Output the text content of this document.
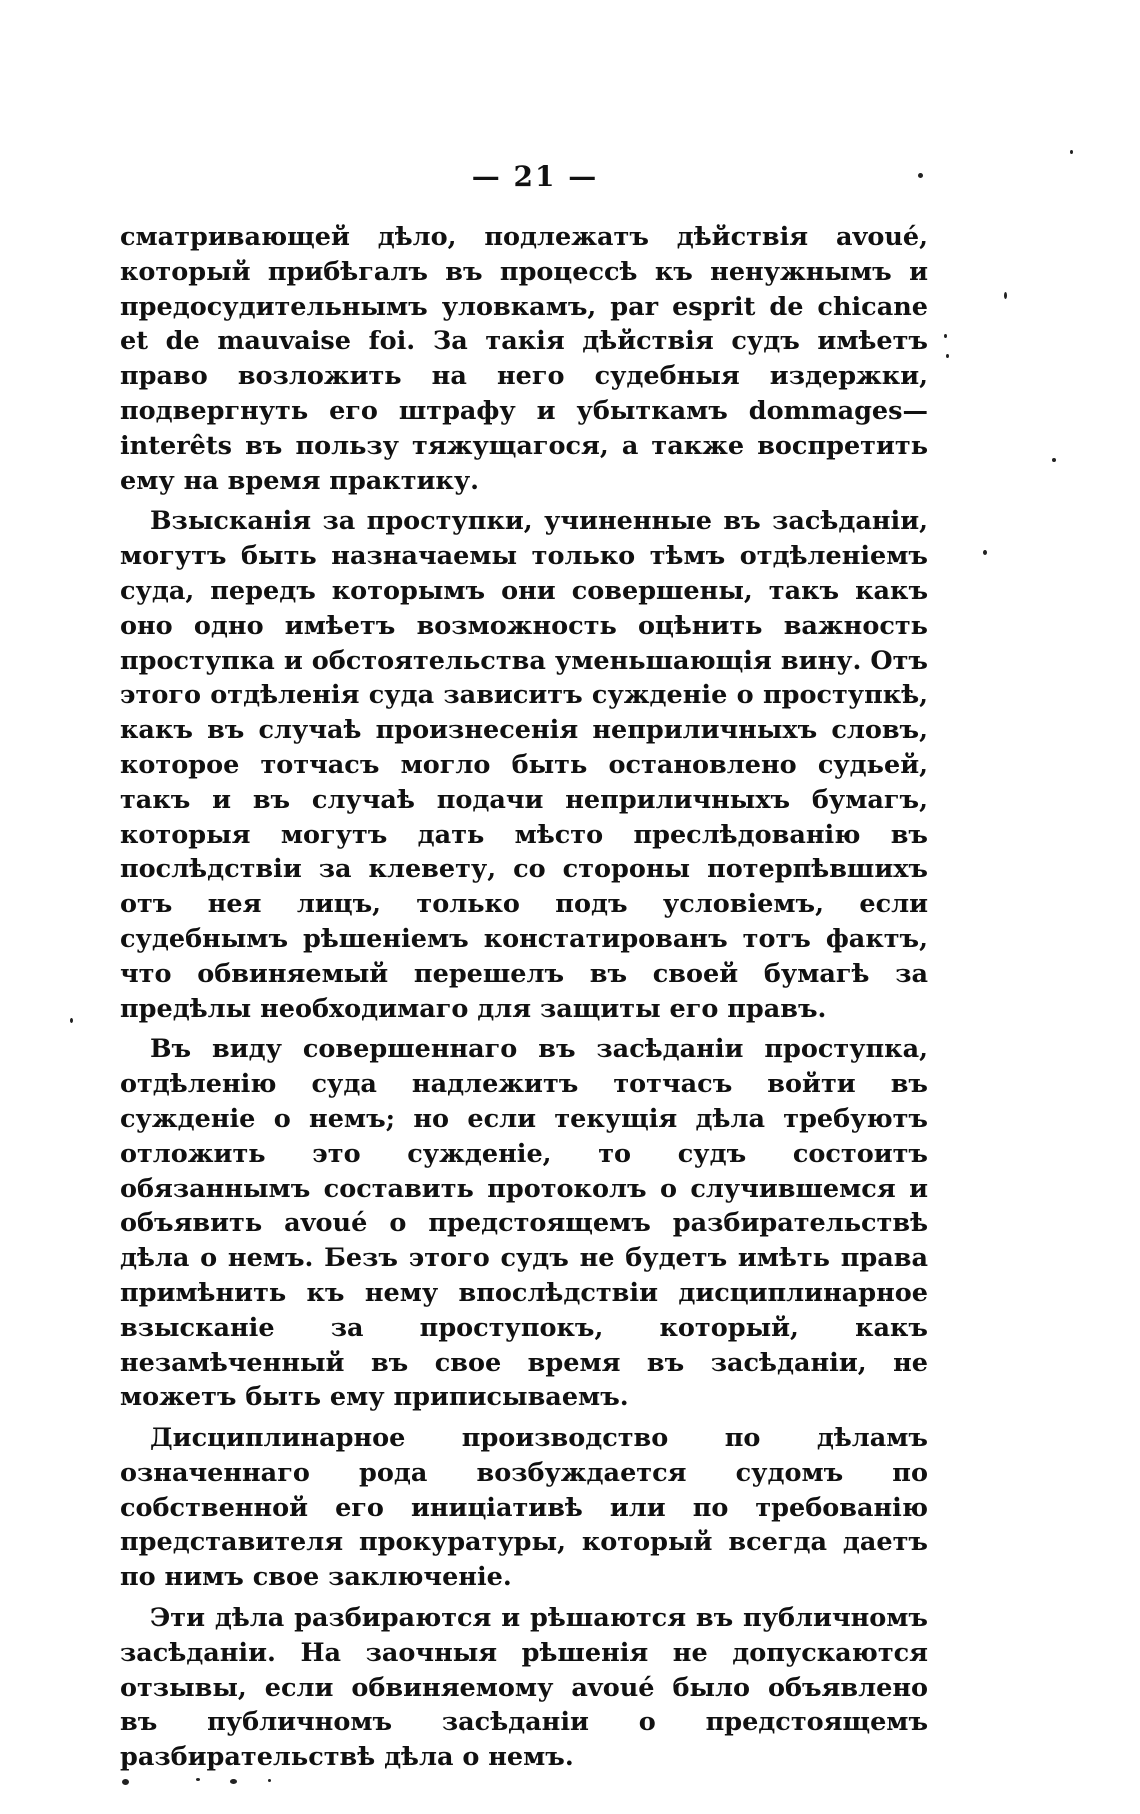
— 21 —

сматривающей дѣло, подлежатъ дѣйствія avoué, который прибѣгалъ въ процессѣ къ ненужнымъ и предосудительнымъ уловкамъ, par esprit de chicane et de mauvaise foi. За такія дѣйствія судъ имѣетъ право возложить на него судебныя издержки, подвергнуть его штрафу и убыткамъ dommages—interêts въ пользу тяжущагося, а также воспретить ему на время практику.

Взысканія за проступки, учиненные въ засѣданіи, могутъ быть назначаемы только тѣмъ отдѣленіемъ суда, передъ которымъ они совершены, такъ какъ оно одно имѣетъ возможность оцѣнить важность проступка и обстоятельства уменьшающія вину. Отъ этого отдѣленія суда зависитъ сужденіе о проступкѣ, какъ въ случаѣ произнесенія неприличныхъ словъ, которое тотчасъ могло быть остановлено судьей, такъ и въ случаѣ подачи неприличныхъ бумагъ, которыя могутъ дать мѣсто преслѣдованію въ послѣдствіи за клевету, со стороны потерпѣвшихъ отъ нея лицъ, только подъ условіемъ, если судебнымъ рѣшеніемъ констатированъ тотъ фактъ, что обвиняемый перешелъ въ своей бумагѣ за предѣлы необходимаго для защиты его правъ.

Въ виду совершеннаго въ засѣданіи проступка, отдѣленію суда надлежитъ тотчасъ войти въ сужденіе о немъ; но если текущія дѣла требуютъ отложить это сужденіе, то судъ состоитъ обязаннымъ составить протоколъ о случившемся и объявить avoué о предстоящемъ разбирательствѣ дѣла о немъ. Безъ этого судъ не будетъ имѣть права примѣнить къ нему впослѣдствіи дисциплинарное взысканіе за проступокъ, который, какъ незамѣченный въ свое время въ засѣданіи, не можетъ быть ему приписываемъ.

Дисциплинарное производство по дѣламъ означеннаго рода возбуждается судомъ по собственной его иниціативѣ или по требованію представителя прокуратуры, который всегда даетъ по нимъ свое заключеніе.

Эти дѣла разбираются и рѣшаются въ публичномъ засѣданіи. На заочныя рѣшенія не допускаются отзывы, если обвиняемому avoué было объявлено въ публичномъ засѣданіи о предстоящемъ разбирательствѣ дѣла о немъ.
